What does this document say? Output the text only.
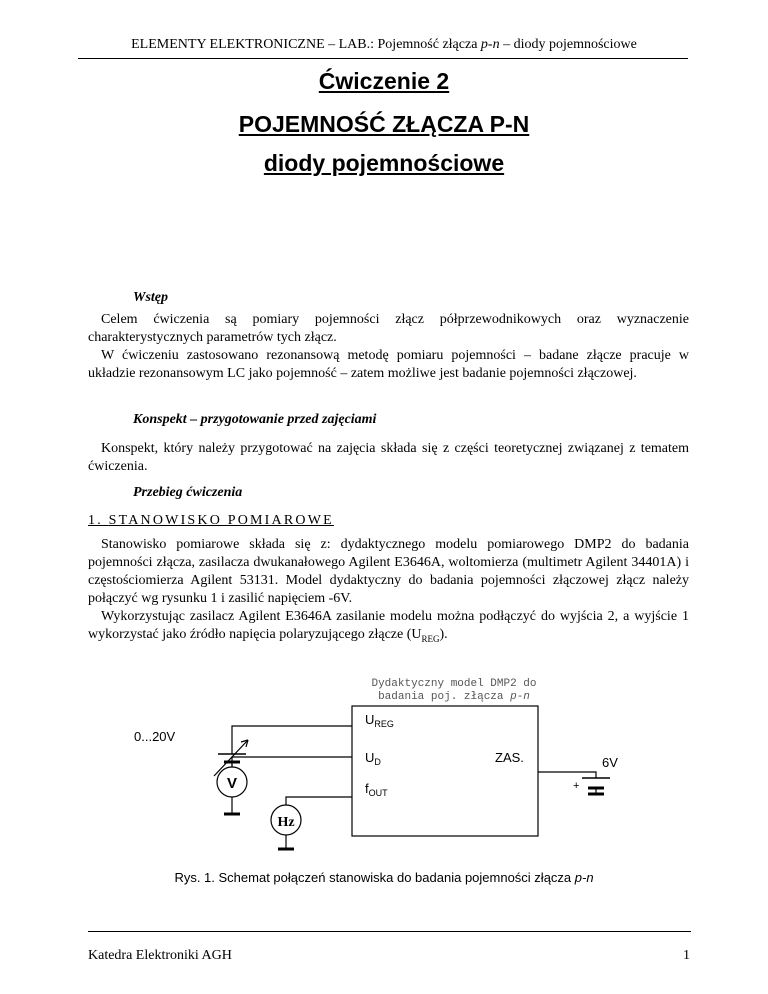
ELEMENTY ELEKTRONICZNE – LAB.: Pojemność złącza p-n – diody pojemnościowe
Ćwiczenie 2
POJEMNOŚĆ ZŁĄCZA P-N
diody pojemnościowe
Wstęp

Celem ćwiczenia są pomiary pojemności złącz półprzewodnikowych oraz wyznaczenie charakterystycznych parametrów tych złącz.

W ćwiczeniu zastosowano rezonansową metodę pomiaru pojemności – badane złącze pracuje w układzie rezonansowym LC jako pojemność – zatem możliwe jest badanie pojemności złączowej.

Konspekt – przygotowanie przed zajęciami

Konspekt, który należy przygotować na zajęcia składa się z części teoretycznej związanej z tematem ćwiczenia.

Przebieg ćwiczenia
1. STANOWISKO POMIAROWE

Stanowisko pomiarowe składa się z: dydaktycznego modelu pomiarowego DMP2 do badania pojemności złącza, zasilacza dwukanałowego Agilent E3646A, woltomierza (multimetr Agilent 34401A) i częstościomierza Agilent 53131. Model dydaktyczny do badania pojemności złączowej złącz należy połączyć wg rysunku 1 i zasilić napięciem -6V.

Wykorzystując zasilacz Agilent E3646A zasilanie modelu można podłączyć do wyjścia 2, a wyjście 1 wykorzystać jako źródło napięcia polaryzującego złącze $(U_{REG})$.

Dydaktyczny model DMP2 do
badania poj. złącza p-n
$U_{REG}$
$U_D$
$f_{OUT}$
ZAS.
0...20V
V
Hz
6V
+
Rys. 1. Schemat połączeń stanowiska do badania pojemności złącza p-n
Katedra Elektroniki AGH	1
